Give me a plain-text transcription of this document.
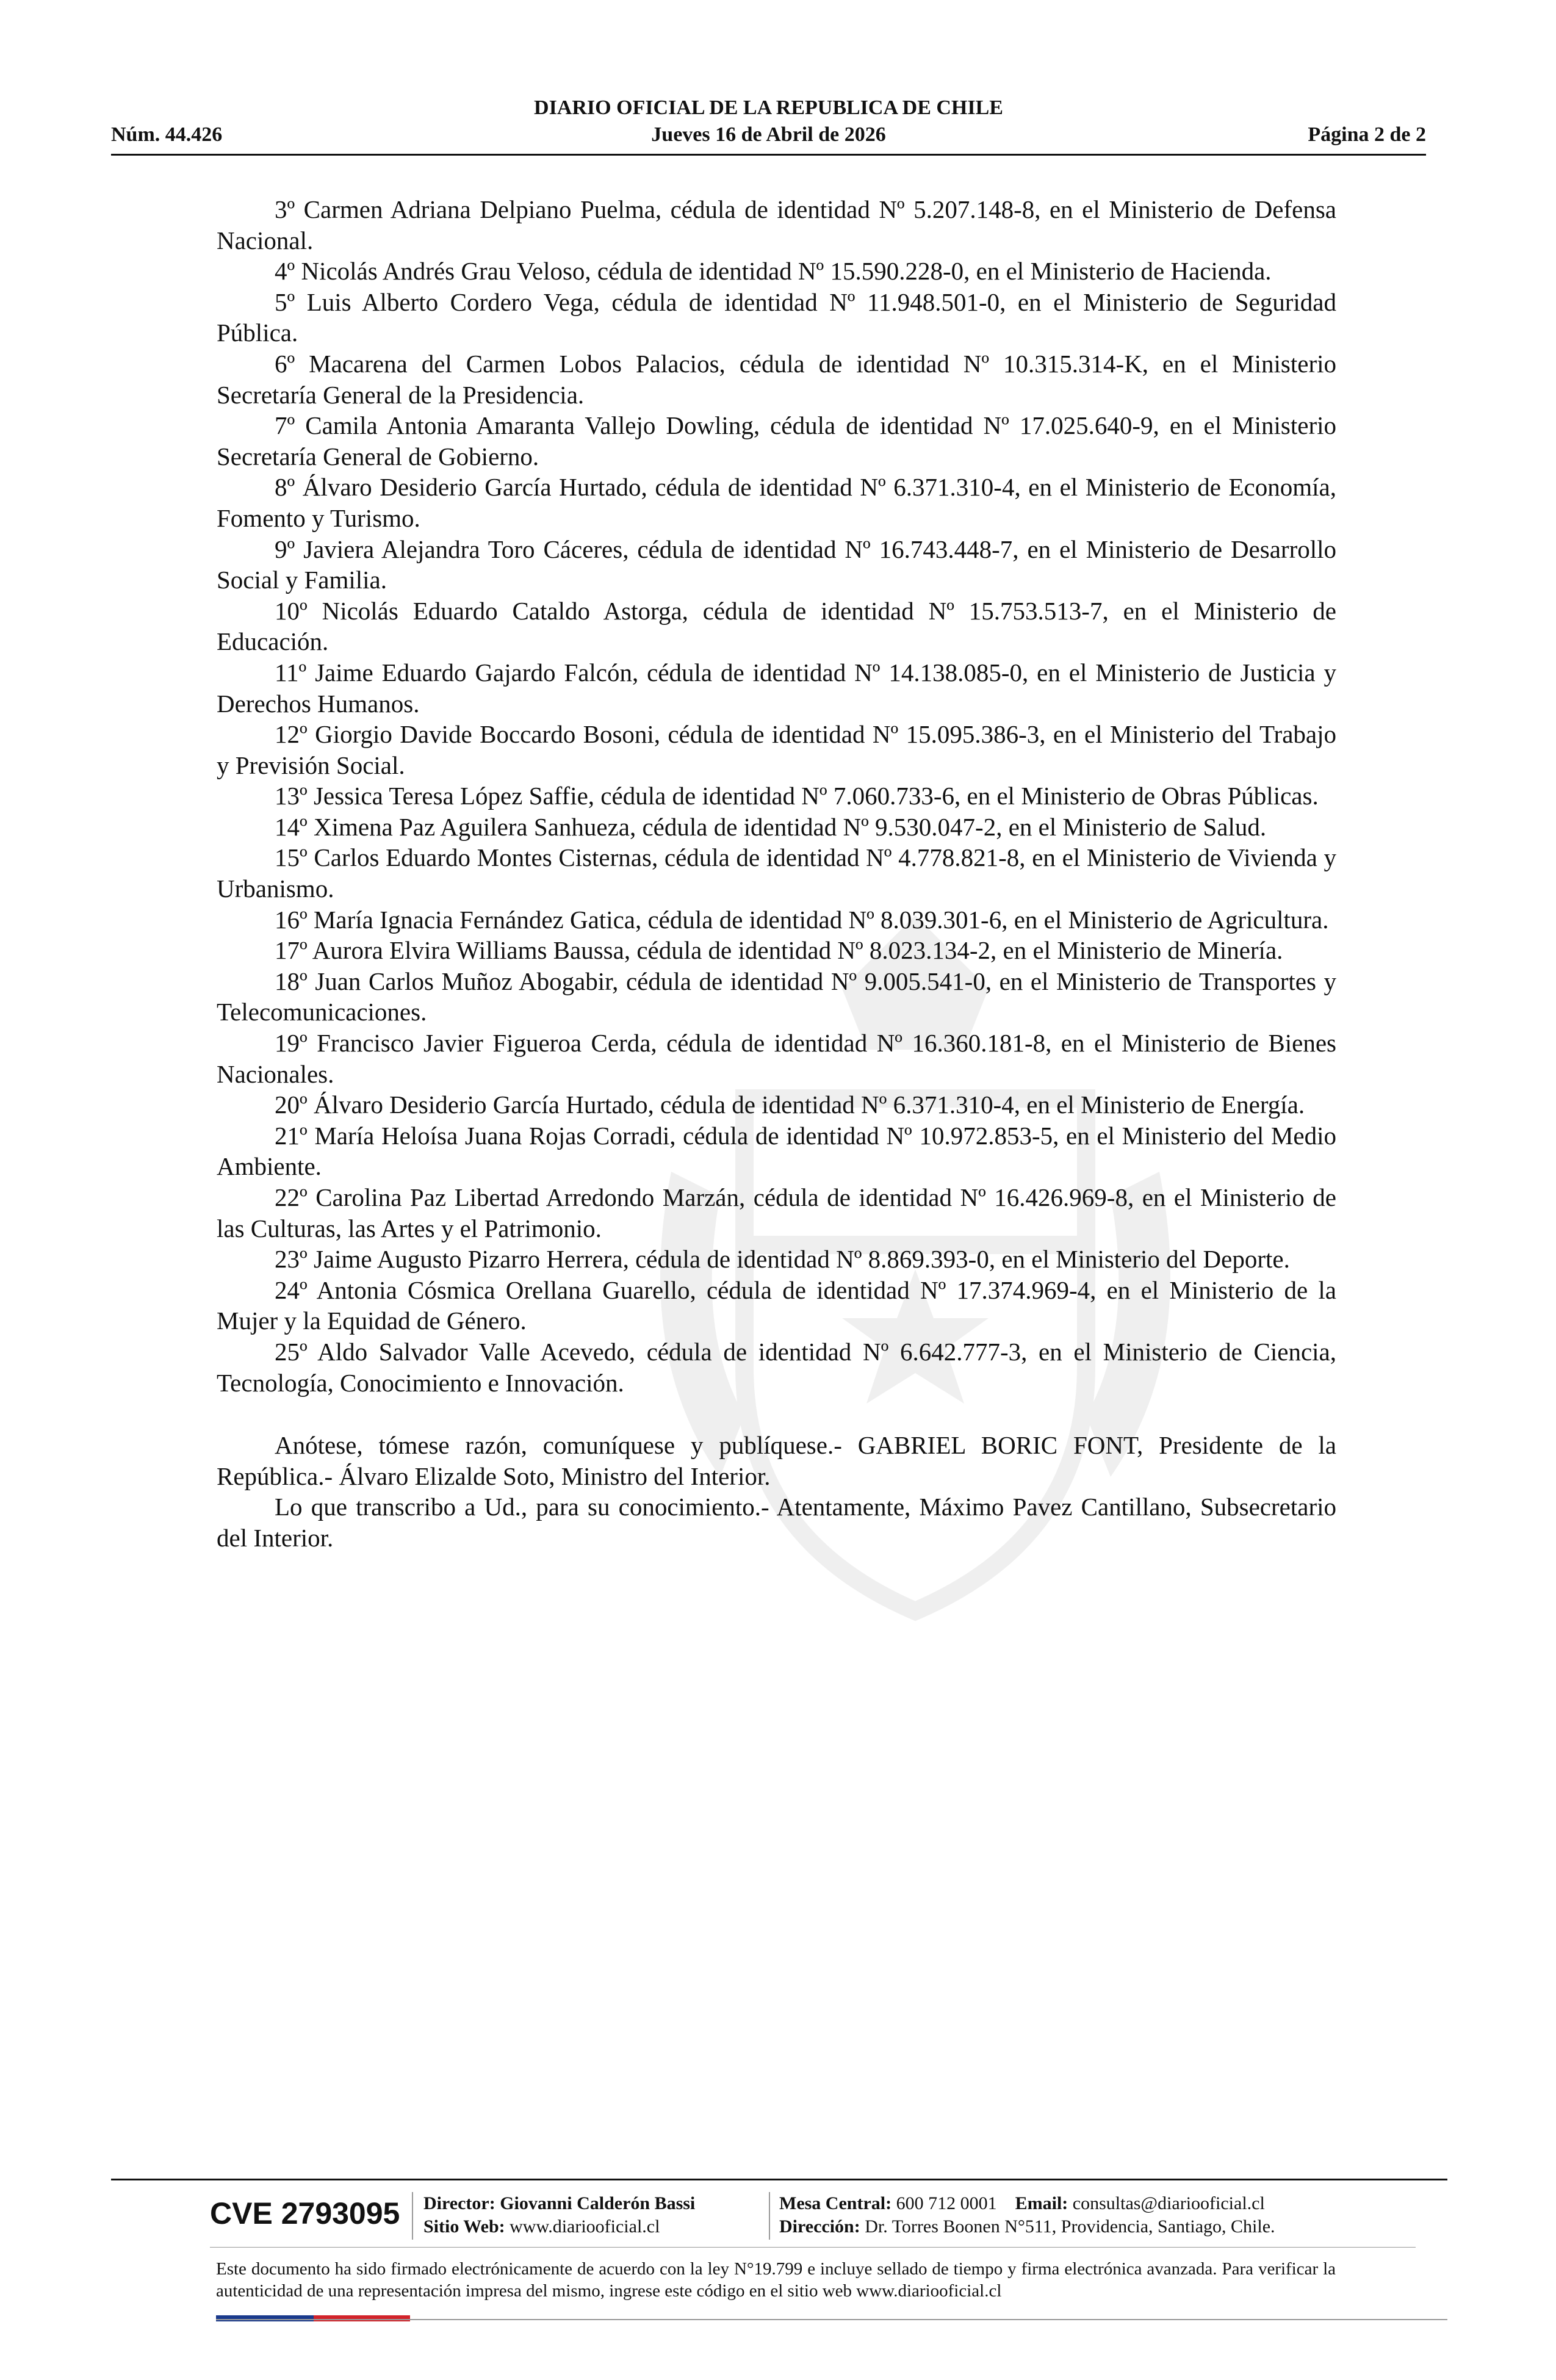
DIARIO OFICIAL DE LA REPUBLICA DE CHILE
Núm. 44.426	Jueves 16 de Abril de 2026	Página 2 de 2

3º Carmen Adriana Delpiano Puelma, cédula de identidad Nº 5.207.148-8, en el Ministerio de Defensa Nacional.

4º Nicolás Andrés Grau Veloso, cédula de identidad Nº 15.590.228-0, en el Ministerio de Hacienda.

5º Luis Alberto Cordero Vega, cédula de identidad Nº 11.948.501-0, en el Ministerio de Seguridad Pública.

6º Macarena del Carmen Lobos Palacios, cédula de identidad Nº 10.315.314-K, en el Ministerio Secretaría General de la Presidencia.

7º Camila Antonia Amaranta Vallejo Dowling, cédula de identidad Nº 17.025.640-9, en el Ministerio Secretaría General de Gobierno.

8º Álvaro Desiderio García Hurtado, cédula de identidad Nº 6.371.310-4, en el Ministerio de Economía, Fomento y Turismo.

9º Javiera Alejandra Toro Cáceres, cédula de identidad Nº 16.743.448-7, en el Ministerio de Desarrollo Social y Familia.

10º Nicolás Eduardo Cataldo Astorga, cédula de identidad Nº 15.753.513-7, en el Ministerio de Educación.

11º Jaime Eduardo Gajardo Falcón, cédula de identidad Nº 14.138.085-0, en el Ministerio de Justicia y Derechos Humanos.

12º Giorgio Davide Boccardo Bosoni, cédula de identidad Nº 15.095.386-3, en el Ministerio del Trabajo y Previsión Social.

13º Jessica Teresa López Saffie, cédula de identidad Nº 7.060.733-6, en el Ministerio de Obras Públicas.

14º Ximena Paz Aguilera Sanhueza, cédula de identidad Nº 9.530.047-2, en el Ministerio de Salud.

15º Carlos Eduardo Montes Cisternas, cédula de identidad Nº 4.778.821-8, en el Ministerio de Vivienda y Urbanismo.

16º María Ignacia Fernández Gatica, cédula de identidad Nº 8.039.301-6, en el Ministerio de Agricultura.

17º Aurora Elvira Williams Baussa, cédula de identidad Nº 8.023.134-2, en el Ministerio de Minería.

18º Juan Carlos Muñoz Abogabir, cédula de identidad Nº 9.005.541-0, en el Ministerio de Transportes y Telecomunicaciones.

19º Francisco Javier Figueroa Cerda, cédula de identidad Nº 16.360.181-8, en el Ministerio de Bienes Nacionales.

20º Álvaro Desiderio García Hurtado, cédula de identidad Nº 6.371.310-4, en el Ministerio de Energía.

21º María Heloísa Juana Rojas Corradi, cédula de identidad Nº 10.972.853-5, en el Ministerio del Medio Ambiente.

22º Carolina Paz Libertad Arredondo Marzán, cédula de identidad Nº 16.426.969-8, en el Ministerio de las Culturas, las Artes y el Patrimonio.

23º Jaime Augusto Pizarro Herrera, cédula de identidad Nº 8.869.393-0, en el Ministerio del Deporte.

24º Antonia Cósmica Orellana Guarello, cédula de identidad Nº 17.374.969-4, en el Ministerio de la Mujer y la Equidad de Género.

25º Aldo Salvador Valle Acevedo, cédula de identidad Nº 6.642.777-3, en el Ministerio de Ciencia, Tecnología, Conocimiento e Innovación.

Anótese, tómese razón, comuníquese y publíquese.- GABRIEL BORIC FONT, Presidente de la República.- Álvaro Elizalde Soto, Ministro del Interior.

Lo que transcribo a Ud., para su conocimiento.- Atentamente, Máximo Pavez Cantillano, Subsecretario del Interior.

CVE 2793095 Director: Giovanni Calderón Bassi
Sitio Web: www.diariooficial.cl
Mesa Central: 600 712 0001 Email: consultas@diariooficial.cl
Dirección: Dr. Torres Boonen N°511, Providencia, Santiago, Chile.
Este documento ha sido firmado electrónicamente de acuerdo con la ley N°19.799 e incluye sellado de tiempo y firma electrónica avanzada. Para verificar la autenticidad de una representación impresa del mismo, ingrese este código en el sitio web www.diariooficial.cl
